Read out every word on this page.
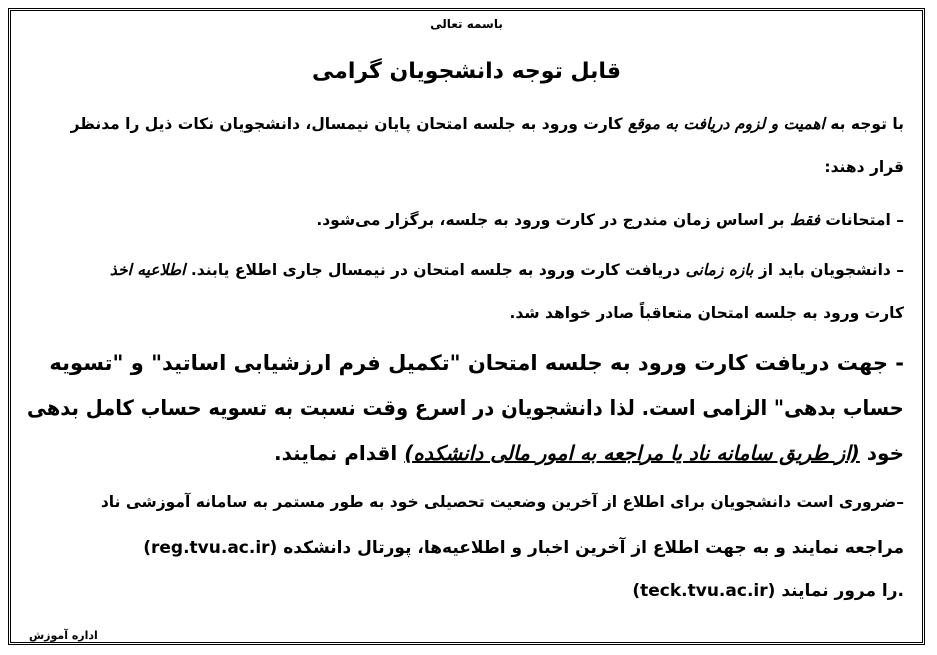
باسمه تعالی
قابل توجه دانشجویان گرامی
با توجه به اهمیت و لزوم دریافت به موقع کارت ورود به جلسه امتحان پایان نیمسال، دانشجویان نکات ذیل را مدنظر
قرار دهند:
– امتحانات فقط بر اساس زمان مندرج در کارت ورود به جلسه، برگزار می‌شود.
– دانشجویان باید از بازه زمانی دریافت کارت ورود به جلسه امتحان در نیمسال جاری اطلاع یابند. اطلاعیه اخذ
کارت ورود به جلسه امتحان متعاقباً صادر خواهد شد.
- جهت دریافت کارت ورود به جلسه امتحان "تکمیل فرم ارزشیابی اساتید" و "تسویه
حساب بدهی" الزامی است. لذا دانشجویان در اسرع وقت نسبت به تسویه حساب کامل بدهی
خود (از طریق سامانه ناد یا مراجعه به امور مالی دانشکده) اقدام نمایند.
–ضروری است دانشجویان برای اطلاع از آخرین وضعیت تحصیلی خود به طور مستمر به سامانه آموزشی ناد
(reg.tvu.ac.ir) مراجعه نمایند و به جهت اطلاع از آخرین اخبار و اطلاعیه‌ها، پورتال دانشکده
(teck.tvu.ac.ir) را مرور نمایند.
اداره آموزش
